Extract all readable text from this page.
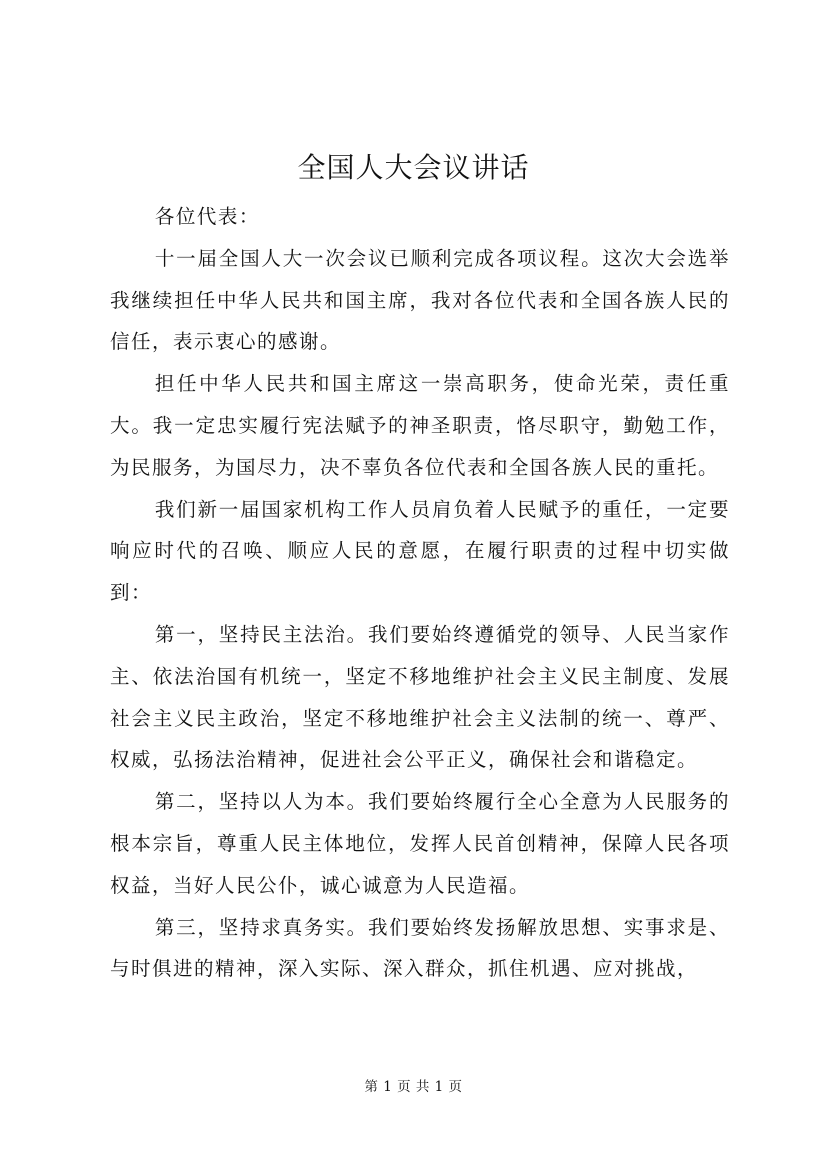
全国人大会议讲话

各位代表：

十一届全国人大一次会议已顺利完成各项议程。这次大会选举我继续担任中华人民共和国主席，我对各位代表和全国各族人民的信任，表示衷心的感谢。

担任中华人民共和国主席这一崇高职务，使命光荣，责任重大。我一定忠实履行宪法赋予的神圣职责，恪尽职守，勤勉工作，为民服务，为国尽力，决不辜负各位代表和全国各族人民的重托。

我们新一届国家机构工作人员肩负着人民赋予的重任，一定要响应时代的召唤、顺应人民的意愿，在履行职责的过程中切实做到：

第一，坚持民主法治。我们要始终遵循党的领导、人民当家作主、依法治国有机统一，坚定不移地维护社会主义民主制度、发展社会主义民主政治，坚定不移地维护社会主义法制的统一、尊严、权威，弘扬法治精神，促进社会公平正义，确保社会和谐稳定。

第二，坚持以人为本。我们要始终履行全心全意为人民服务的根本宗旨，尊重人民主体地位，发挥人民首创精神，保障人民各项权益，当好人民公仆，诚心诚意为人民造福。

第三，坚持求真务实。我们要始终发扬解放思想、实事求是、与时俱进的精神，深入实际、深入群众，抓住机遇、应对挑战，

第 1 页 共 1 页
